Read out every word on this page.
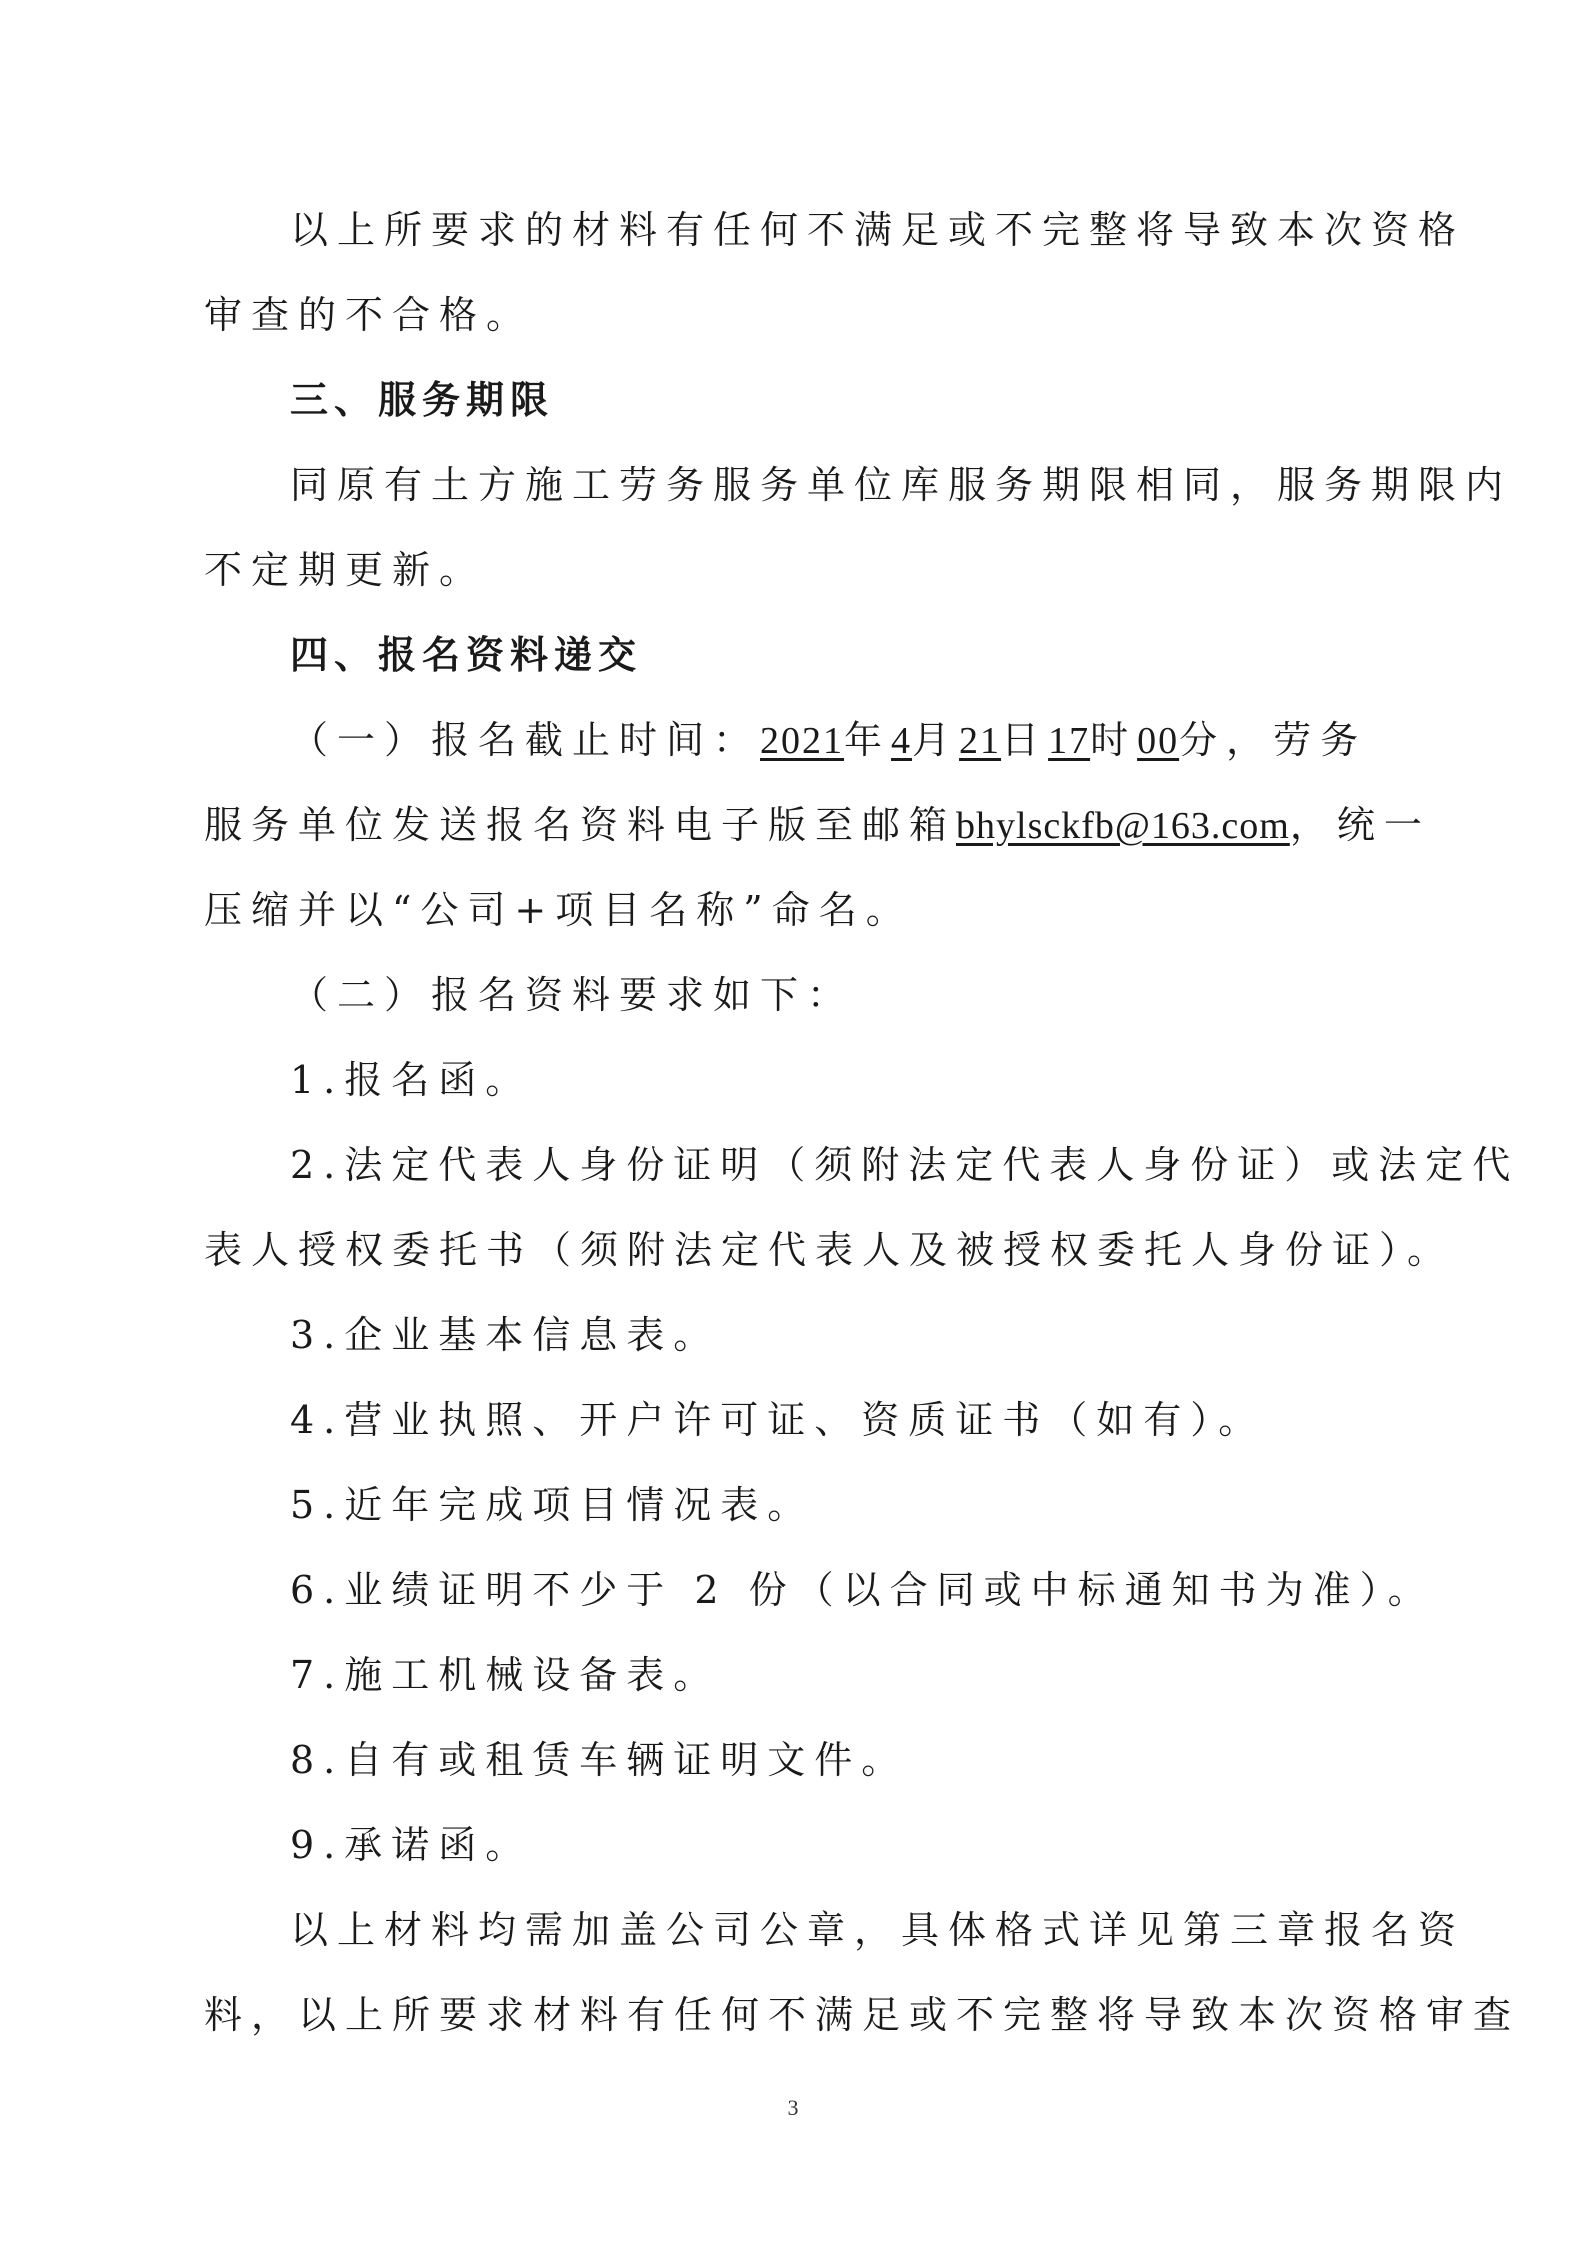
以上所要求的材料有任何不满足或不完整将导致本次资格
审查的不合格。
三、服务期限
同原有土方施工劳务服务单位库服务期限相同，服务期限内
不定期更新。
四、报名资料递交
（一）报名截止时间：2021年4月21日17时00分，劳务
服务单位发送报名资料电子版至邮箱bhylsckfb@163.com，统一
压缩并以“公司+项目名称”命名。
（二）报名资料要求如下：
1.报名函。
2.法定代表人身份证明（须附法定代表人身份证）或法定代
表人授权委托书（须附法定代表人及被授权委托人身份证）。
3.企业基本信息表。
4.营业执照、开户许可证、资质证书（如有）。
5.近年完成项目情况表。
6.业绩证明不少于 2 份（以合同或中标通知书为准）。
7.施工机械设备表。
8.自有或租赁车辆证明文件。
9.承诺函。
以上材料均需加盖公司公章，具体格式详见第三章报名资
料，以上所要求材料有任何不满足或不完整将导致本次资格审查
3
